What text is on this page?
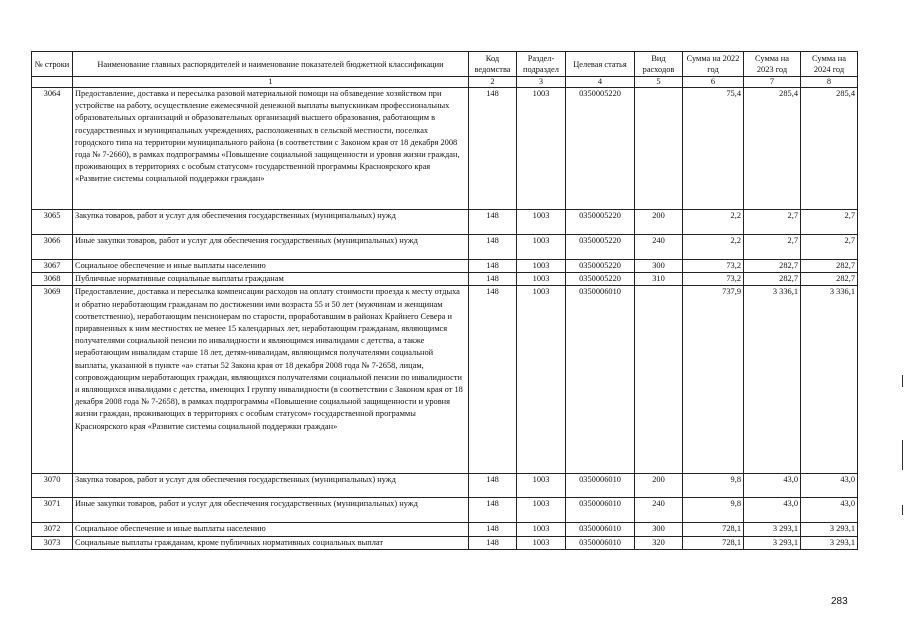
№ строки	Наименование главных распорядителей и наименование показателей бюджетной классификации	Код ведомства	Раздел-подраздел	Целевая статья	Вид расходов	Сумма на 2022 год	Сумма на 2023 год	Сумма на 2024 год
	1	2	3	4	5	6	7	8
3064	Предоставление, доставка и пересылка разовой материальной помощи на обзаведение хозяйством при устройстве на работу, осуществление ежемесячной денежной выплаты выпускникам профессиональных образовательных организаций и образовательных организаций высшего образования, работающим в государственных и муниципальных учреждениях, расположенных в сельской местности, поселках городского типа на территории муниципального района (в соответствии с Законом края от 18 декабря 2008 года № 7-2660), в рамках подпрограммы «Повышение социальной защищенности и уровня жизни граждан, проживающих в территориях с особым статусом» государственной программы Красноярского края «Развитие системы социальной поддержки граждан»	148	1003	0350005220		75,4	285,4	285,4
3065	Закупка товаров, работ и услуг для обеспечения государственных (муниципальных) нужд	148	1003	0350005220	200	2,2	2,7	2,7
3066	Иные закупки товаров, работ и услуг для обеспечения государственных (муниципальных) нужд	148	1003	0350005220	240	2,2	2,7	2,7
3067	Социальное обеспечение и иные выплаты населению	148	1003	0350005220	300	73,2	282,7	282,7
3068	Публичные нормативные социальные выплаты гражданам	148	1003	0350005220	310	73,2	282,7	282,7
3069	Предоставление, доставка и пересылка компенсации расходов на оплату стоимости проезда к месту отдыха и обратно неработающим гражданам по достижении ими возраста 55 и 50 лет (мужчинам и женщинам соответственно), неработающим пенсионерам по старости, проработавшим в районах Крайнего Севера и приравненных к ним местностях не менее 15 календарных лет, неработающим гражданам, являющимся получателями социальной пенсии по инвалидности и являющимся инвалидами с детства, а также неработающим инвалидам старше 18 лет, детям-инвалидам, являющимся получателями социальной выплаты, указанной в пункте «а» статьи 52 Закона края от 18 декабря 2008 года № 7-2658, лицам, сопровождающим неработающих граждан, являющихся получателями социальной пенсии по инвалидности и являющихся инвалидами с детства, имеющих I группу инвалидности (в соответствии с Законом края от 18 декабря 2008 года № 7-2658), в рамках подпрограммы «Повышение социальной защищенности и уровня жизни граждан, проживающих в территориях с особым статусом» государственной программы Красноярского края «Развитие системы социальной поддержки граждан»	148	1003	0350006010		737,9	3 336,1	3 336,1
3070	Закупка товаров, работ и услуг для обеспечения государственных (муниципальных) нужд	148	1003	0350006010	200	9,8	43,0	43,0
3071	Иные закупки товаров, работ и услуг для обеспечения государственных (муниципальных) нужд	148	1003	0350006010	240	9,8	43,0	43,0
3072	Социальное обеспечение и иные выплаты населению	148	1003	0350006010	300	728,1	3 293,1	3 293,1
3073	Социальные выплаты гражданам, кроме публичных нормативных социальных выплат	148	1003	0350006010	320	728,1	3 293,1	3 293,1
283
